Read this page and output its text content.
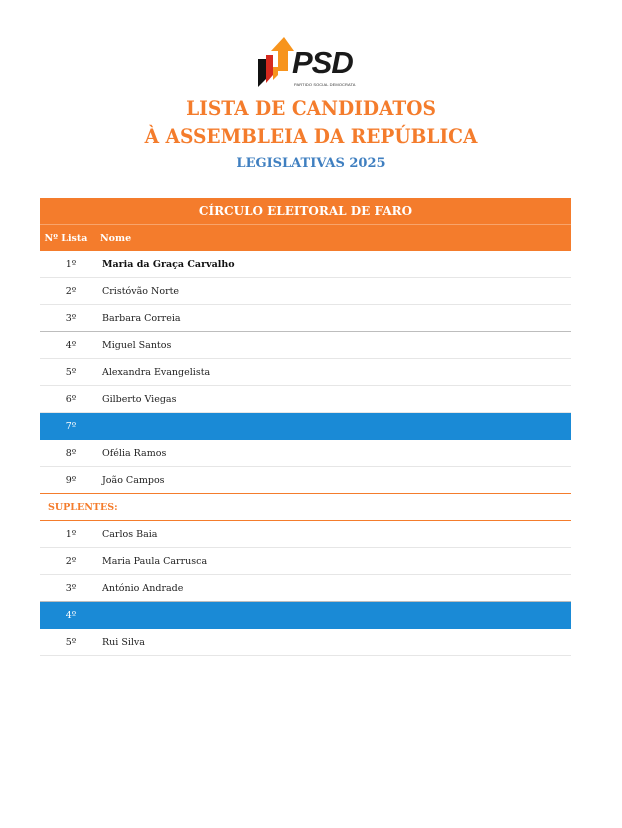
PSD
PARTIDO SOCIAL DEMOCRATA
LISTA DE CANDIDATOS
À ASSEMBLEIA DA REPÚBLICA
LEGISLATIVAS 2025
CÍRCULO ELEITORAL DE FARO
Nº Lista	Nome
1º	Maria da Graça Carvalho
2º	Cristóvão Norte
3º	Barbara Correia
4º	Miguel Santos
5º	Alexandra Evangelista
6º	Gilberto Viegas
7º
8º	Ofélia Ramos
9º	João Campos
SUPLENTES:
1º	Carlos Baia
2º	Maria Paula Carrusca
3º	António Andrade
4º
5º	Rui Silva
